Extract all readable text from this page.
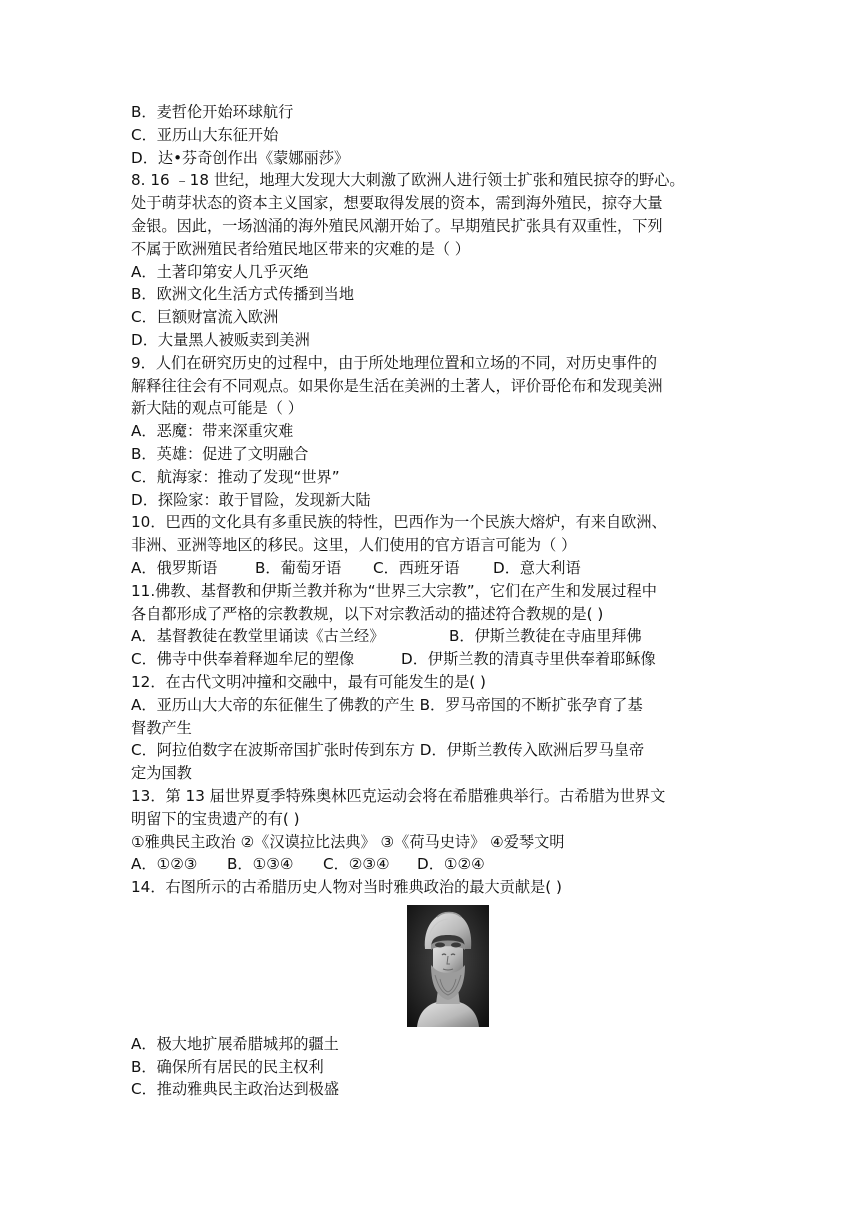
B．麦哲伦开始环球航行
C．亚历山大东征开始
D．达•芬奇创作出《蒙娜丽莎》
8. 16 ﹣18 世纪，地理大发现大大刺激了欧洲人进行领士扩张和殖民掠夺的野心。
处于萌芽状态的资本主义国家，想要取得发展的资本，需到海外殖民，掠夺大量
金银。因此，一场汹涌的海外殖民风潮开始了。早期殖民扩张具有双重性，下列
不属于欧洲殖民者给殖民地区带来的灾难的是（ ）
A．土著印第安人几乎灭绝
B．欧洲文化生活方式传播到当地
C．巨额财富流入欧洲
D．大量黑人被贩卖到美洲
9．人们在研究历史的过程中，由于所处地理位置和立场的不同，对历史事件的
解释往往会有不同观点。如果你是生活在美洲的土著人，评价哥伦布和发现美洲
新大陆的观点可能是（ ）
A．恶魔：带来深重灾难
B．英雄：促进了文明融合
C．航海家：推动了发现“世界”
D．探险家：敢于冒险，发现新大陆
10．巴西的文化具有多重民族的特性，巴西作为一个民族大熔炉，有来自欧洲、
非洲、亚洲等地区的移民。这里，人们使用的官方语言可能为（ ）
A．俄罗斯语 B．葡萄牙语 C．西班牙语 D．意大利语
11.佛教、基督教和伊斯兰教并称为“世界三大宗教”，它们在产生和发展过程中
各自都形成了严格的宗教教规，以下对宗教活动的描述符合教规的是( )
A．基督教徒在教堂里诵读《古兰经》	B．伊斯兰教徒在寺庙里拜佛
C．佛寺中供奉着释迦牟尼的塑像	D．伊斯兰教的清真寺里供奉着耶稣像
12．在古代文明冲撞和交融中，最有可能发生的是( )
A．亚历山大大帝的东征催生了佛教的产生 B．罗马帝国的不断扩张孕育了基
督教产生
C．阿拉伯数字在波斯帝国扩张时传到东方 D．伊斯兰教传入欧洲后罗马皇帝
定为国教
13．第 13 届世界夏季特殊奥林匹克运动会将在希腊雅典举行。古希腊为世界文
明留下的宝贵遗产的有( )
①雅典民主政治 ②《汉谟拉比法典》 ③《荷马史诗》 ④爱琴文明
A．①②③ B．①③④ C．②③④ D．①②④
14．右图所示的古希腊历史人物对当时雅典政治的最大贡献是( )
A．极大地扩展希腊城邦的疆土
B．确保所有居民的民主权利
C．推动雅典民主政治达到极盛
